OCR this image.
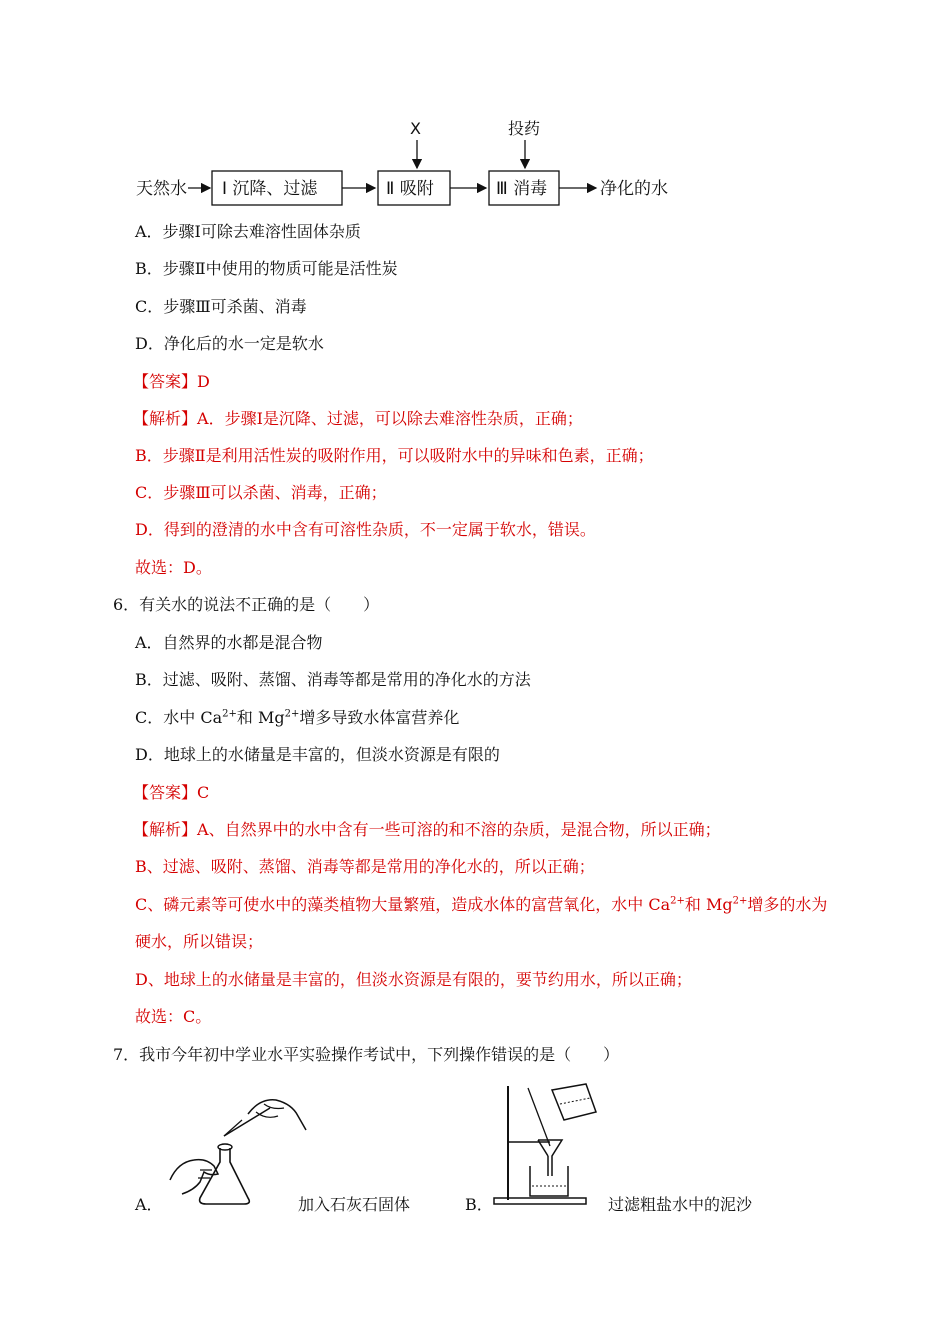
天然水 Ⅰ 沉降、过滤	Ⅱ 吸附
X
Ⅲ 消毒
投药
净化的水
A．步骤Ⅰ可除去难溶性固体杂质
B．步骤Ⅱ中使用的物质可能是活性炭
C．步骤Ⅲ可杀菌、消毒
D．净化后的水一定是软水
【答案】D
【解析】A．步骤Ⅰ是沉降、过滤，可以除去难溶性杂质，正确；
B．步骤Ⅱ是利用活性炭的吸附作用，可以吸附水中的异味和色素，正确；
C．步骤Ⅲ可以杀菌、消毒，正确；
D．得到的澄清的水中含有可溶性杂质，不一定属于软水，错误。
故选：D。
6．有关水的说法不正确的是（　　）
A．自然界的水都是混合物
B．过滤、吸附、蒸馏、消毒等都是常用的净化水的方法
C．水中 $Ca^{2+}$和 $Mg^{2+}$增多导致水体富营养化
D．地球上的水储量是丰富的，但淡水资源是有限的
【答案】C
【解析】A、自然界中的水中含有一些可溶的和不溶的杂质，是混合物，所以正确；
B、过滤、吸附、蒸馏、消毒等都是常用的净化水的，所以正确；
C、磷元素等可使水中的藻类植物大量繁殖，造成水体的富营氧化，水中 $Ca^{2+}$和 $Mg^{2+}$增多的水为
硬水，所以错误；
D、地球上的水储量是丰富的，但淡水资源是有限的，要节约用水，所以正确；
故选：C。
7．我市今年初中学业水平实验操作考试中，下列操作错误的是（　　）
A．	加入石灰石固体	B．	过滤粗盐水中的泥沙
